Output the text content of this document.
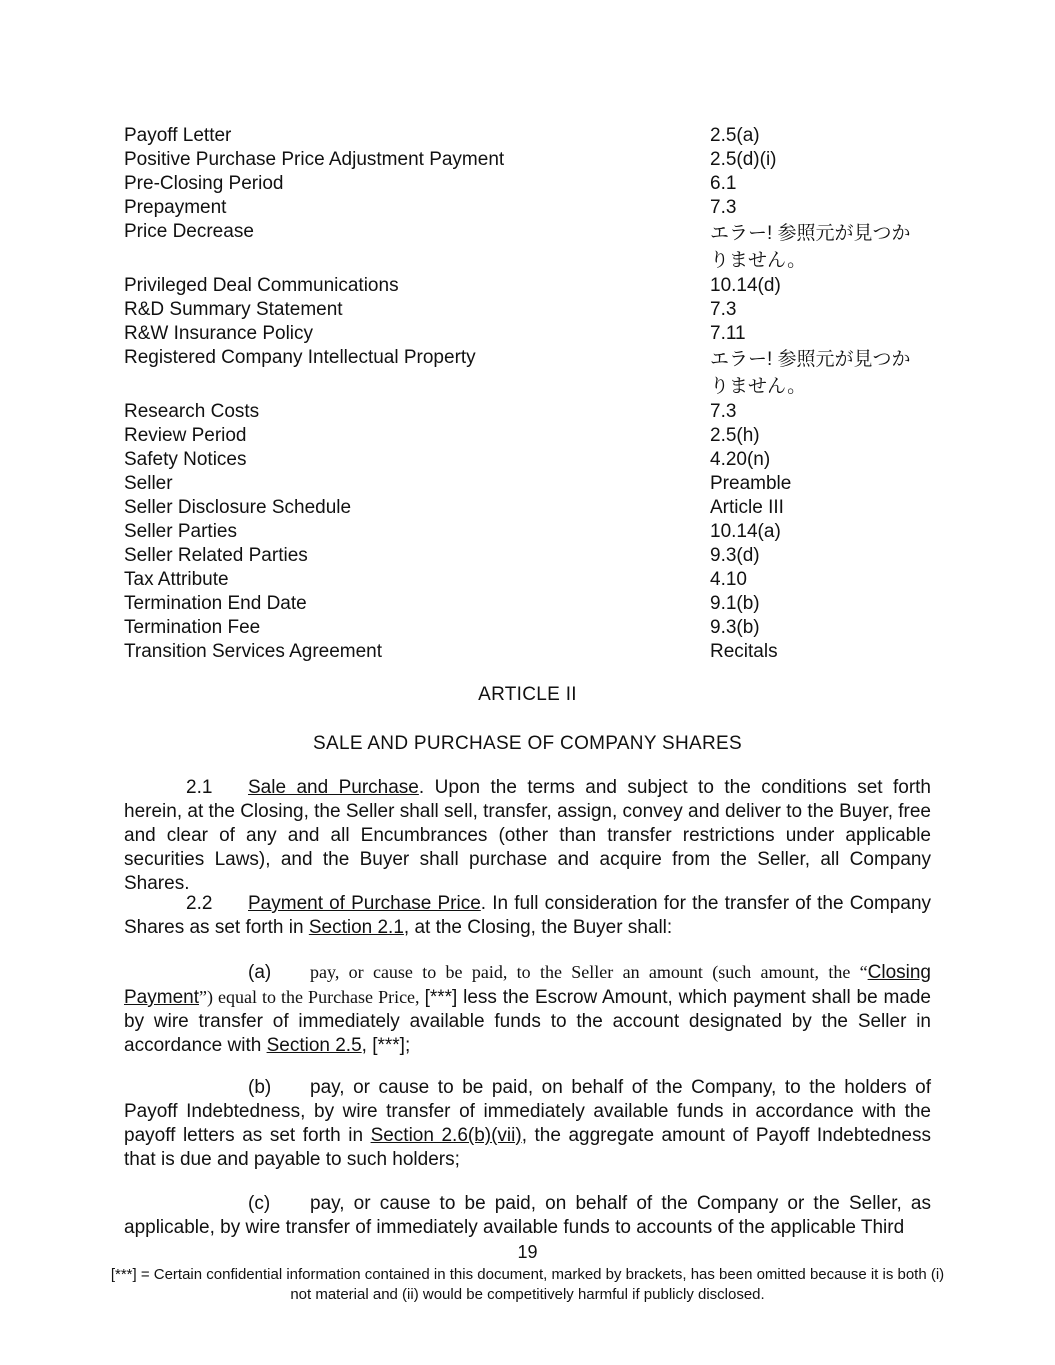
Payoff Letter	2.5(a)
Positive Purchase Price Adjustment Payment	2.5(d)(i)
Pre-Closing Period	6.1
Prepayment	7.3
Price Decrease	エラー! 参照元が見つかりません。
Privileged Deal Communications	10.14(d)
R&D Summary Statement	7.3
R&W Insurance Policy	7.11
Registered Company Intellectual Property	エラー! 参照元が見つかりません。
Research Costs	7.3
Review Period	2.5(h)
Safety Notices	4.20(n)
Seller	Preamble
Seller Disclosure Schedule	Article III
Seller Parties	10.14(a)
Seller Related Parties	9.3(d)
Tax Attribute	4.10
Termination End Date	9.1(b)
Termination Fee	9.3(b)
Transition Services Agreement	Recitals
ARTICLE II
SALE AND PURCHASE OF COMPANY SHARES
2.1 Sale and Purchase. Upon the terms and subject to the conditions set forth herein, at the Closing, the Seller shall sell, transfer, assign, convey and deliver to the Buyer, free and clear of any and all Encumbrances (other than transfer restrictions under applicable securities Laws), and the Buyer shall purchase and acquire from the Seller, all Company Shares.
2.2 Payment of Purchase Price. In full consideration for the transfer of the Company Shares as set forth in Section 2.1, at the Closing, the Buyer shall:
(a) pay, or cause to be paid, to the Seller an amount (such amount, the “Closing Payment”) equal to the Purchase Price, [***] less the Escrow Amount, which payment shall be made by wire transfer of immediately available funds to the account designated by the Seller in accordance with Section 2.5, [***];
(b) pay, or cause to be paid, on behalf of the Company, to the holders of Payoff Indebtedness, by wire transfer of immediately available funds in accordance with the payoff letters as set forth in Section 2.6(b)(vii), the aggregate amount of Payoff Indebtedness that is due and payable to such holders;
(c) pay, or cause to be paid, on behalf of the Company or the Seller, as applicable, by wire transfer of immediately available funds to accounts of the applicable Third
19
[***] = Certain confidential information contained in this document, marked by brackets, has been omitted because it is both (i) not material and (ii) would be competitively harmful if publicly disclosed.
